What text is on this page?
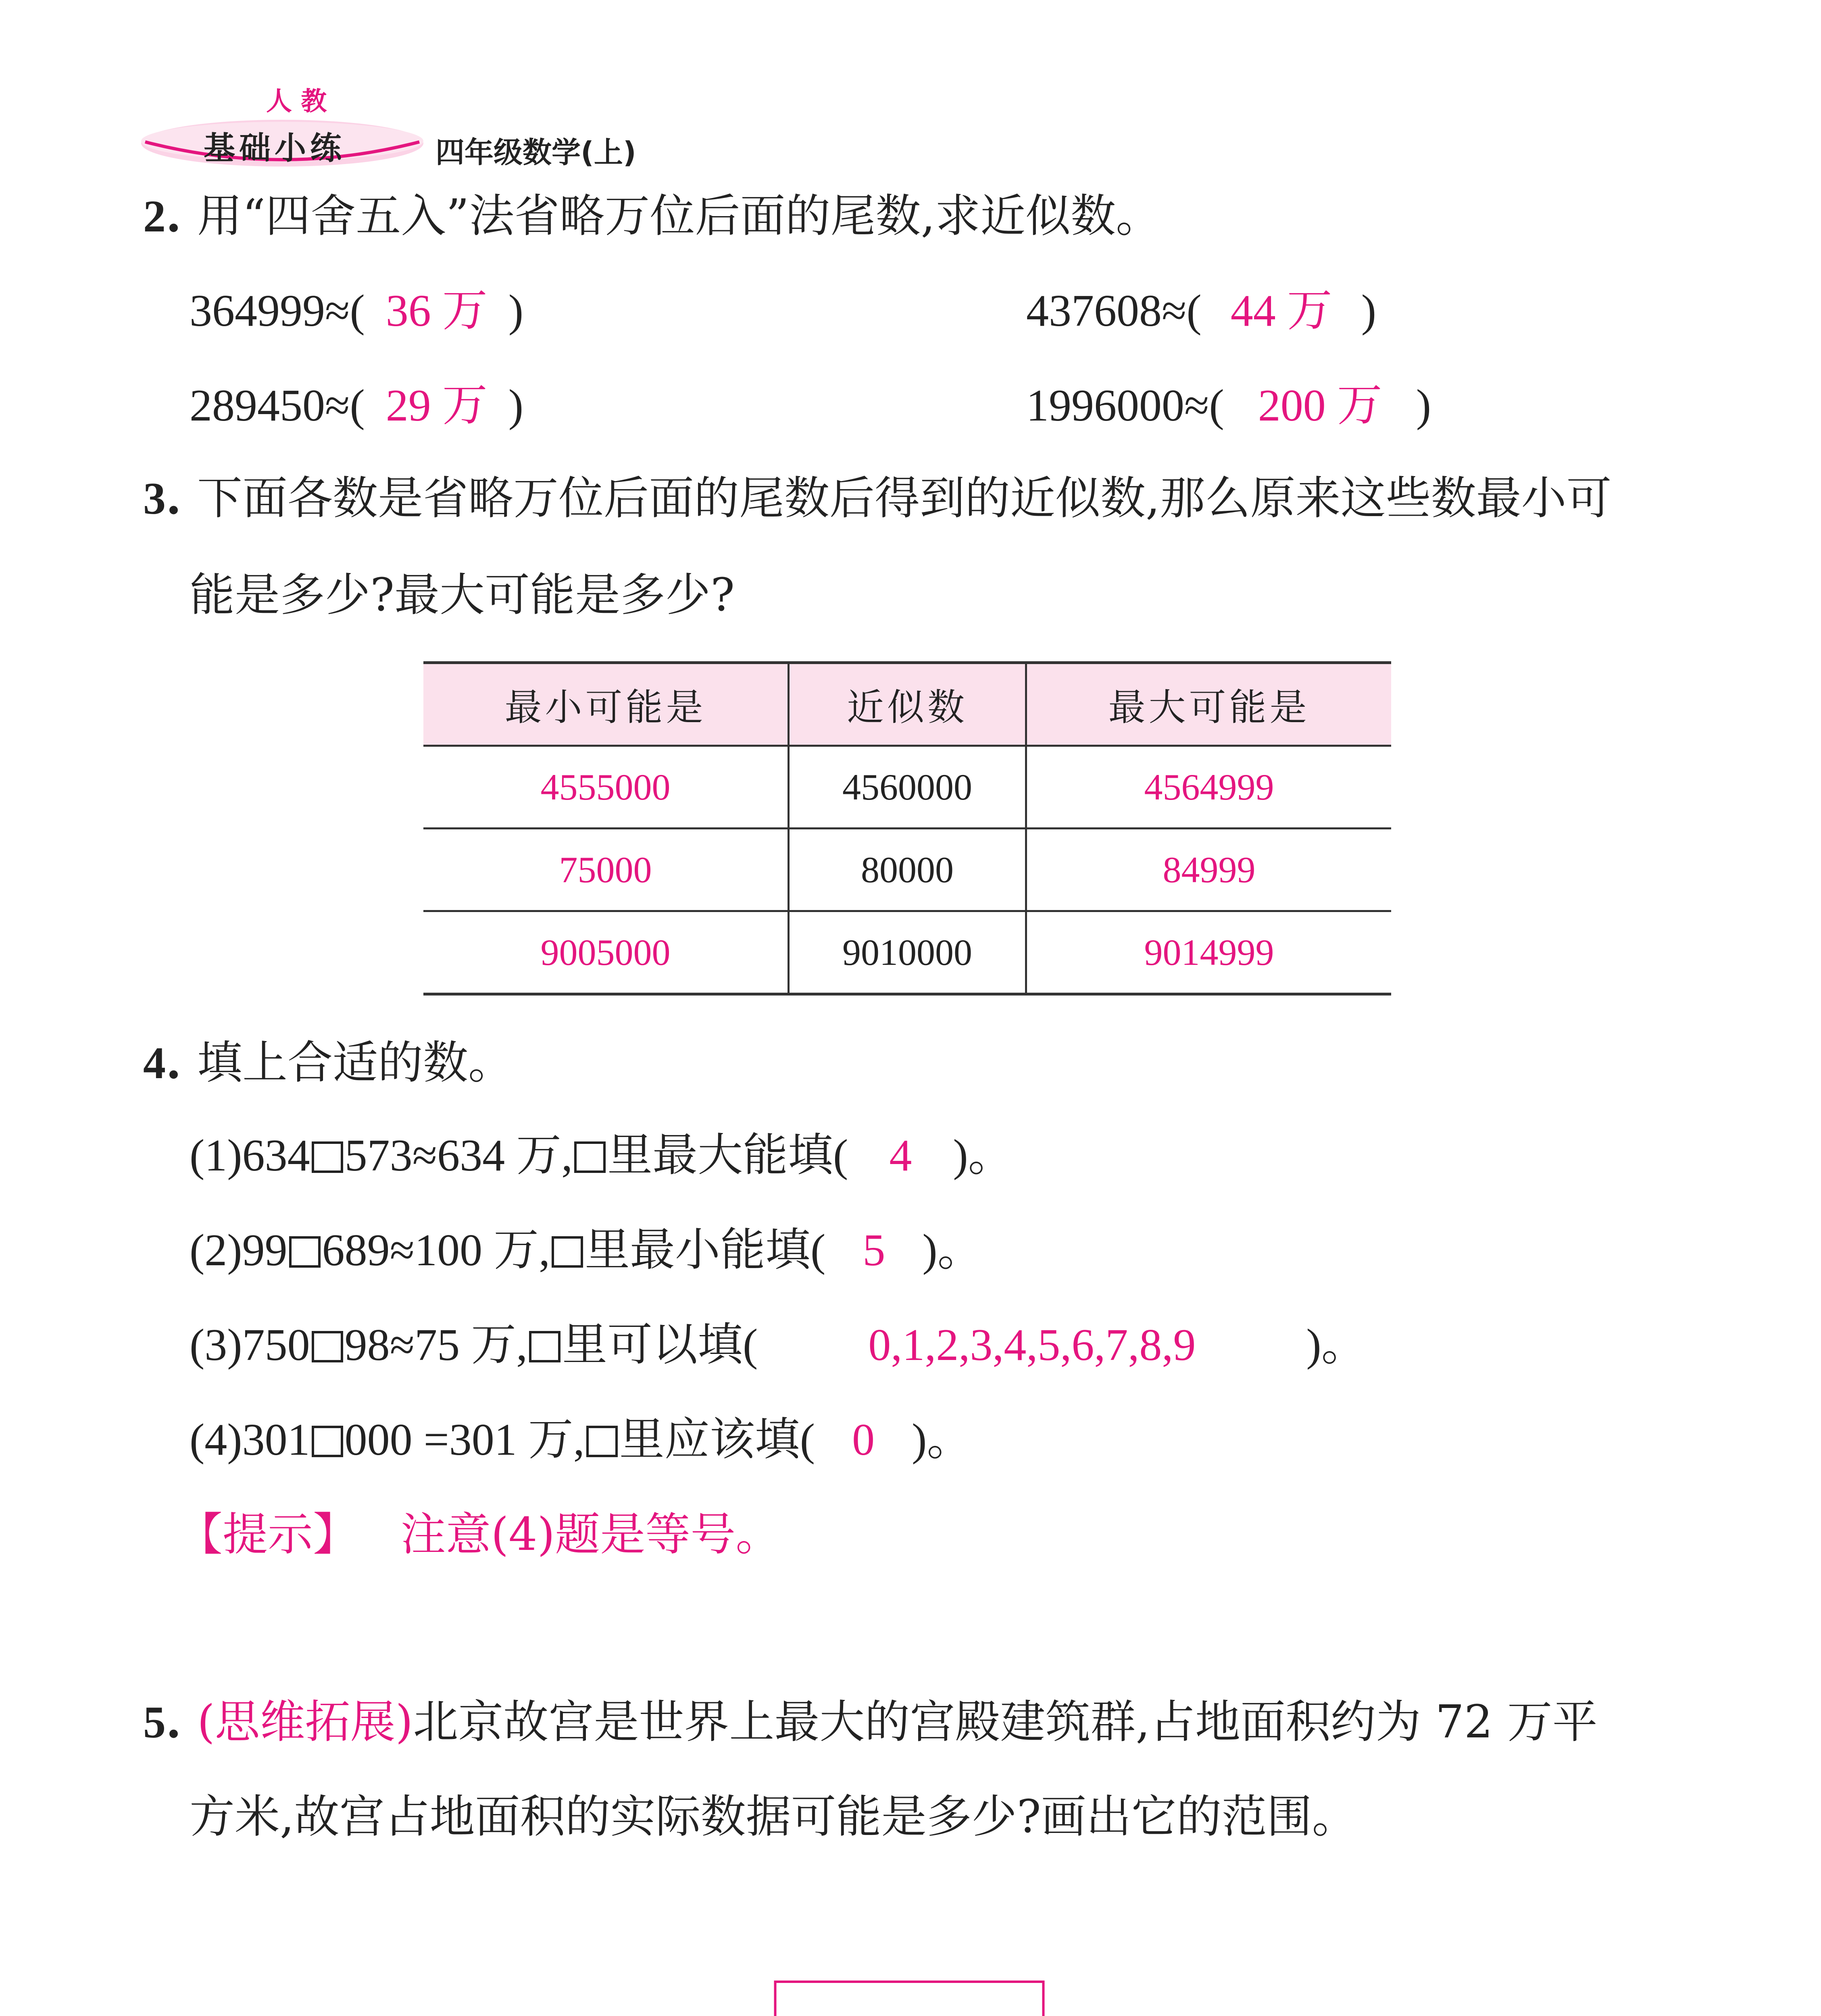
人 教
基础小练	四年级数学(上)
2. 用“四舍五入”法省略万位后面的尾数,求近似数。
364999≈( 36 万 )	437608≈( 44 万 )
289450≈( 29 万 )	1996000≈( 200 万 )
3. 下面各数是省略万位后面的尾数后得到的近似数,那么原来这些数最小可
能是多少?最大可能是多少?
最小可能是	近似数	最大可能是
4555000	4560000	4564999
75000	80000	84999
9005000	9010000	9014999
4. 填上合适的数。
(1)634 573≈634 万, 里最大能填( 4 )。
(2)99 689≈100 万, 里最小能填( 5 )。
(3)750 98≈75 万, 里可以填( 0,1,2,3,4,5,6,7,8,9 )。
(4)301 000 =301 万, 里应该填( 0 )。
【提示】 注意(4)题是等号。
5. (思维拓展)北京故宫是世界上最大的宫殿建筑群,占地面积约为 72 万平
方米,故宫占地面积的实际数据可能是多少?画出它的范围。
